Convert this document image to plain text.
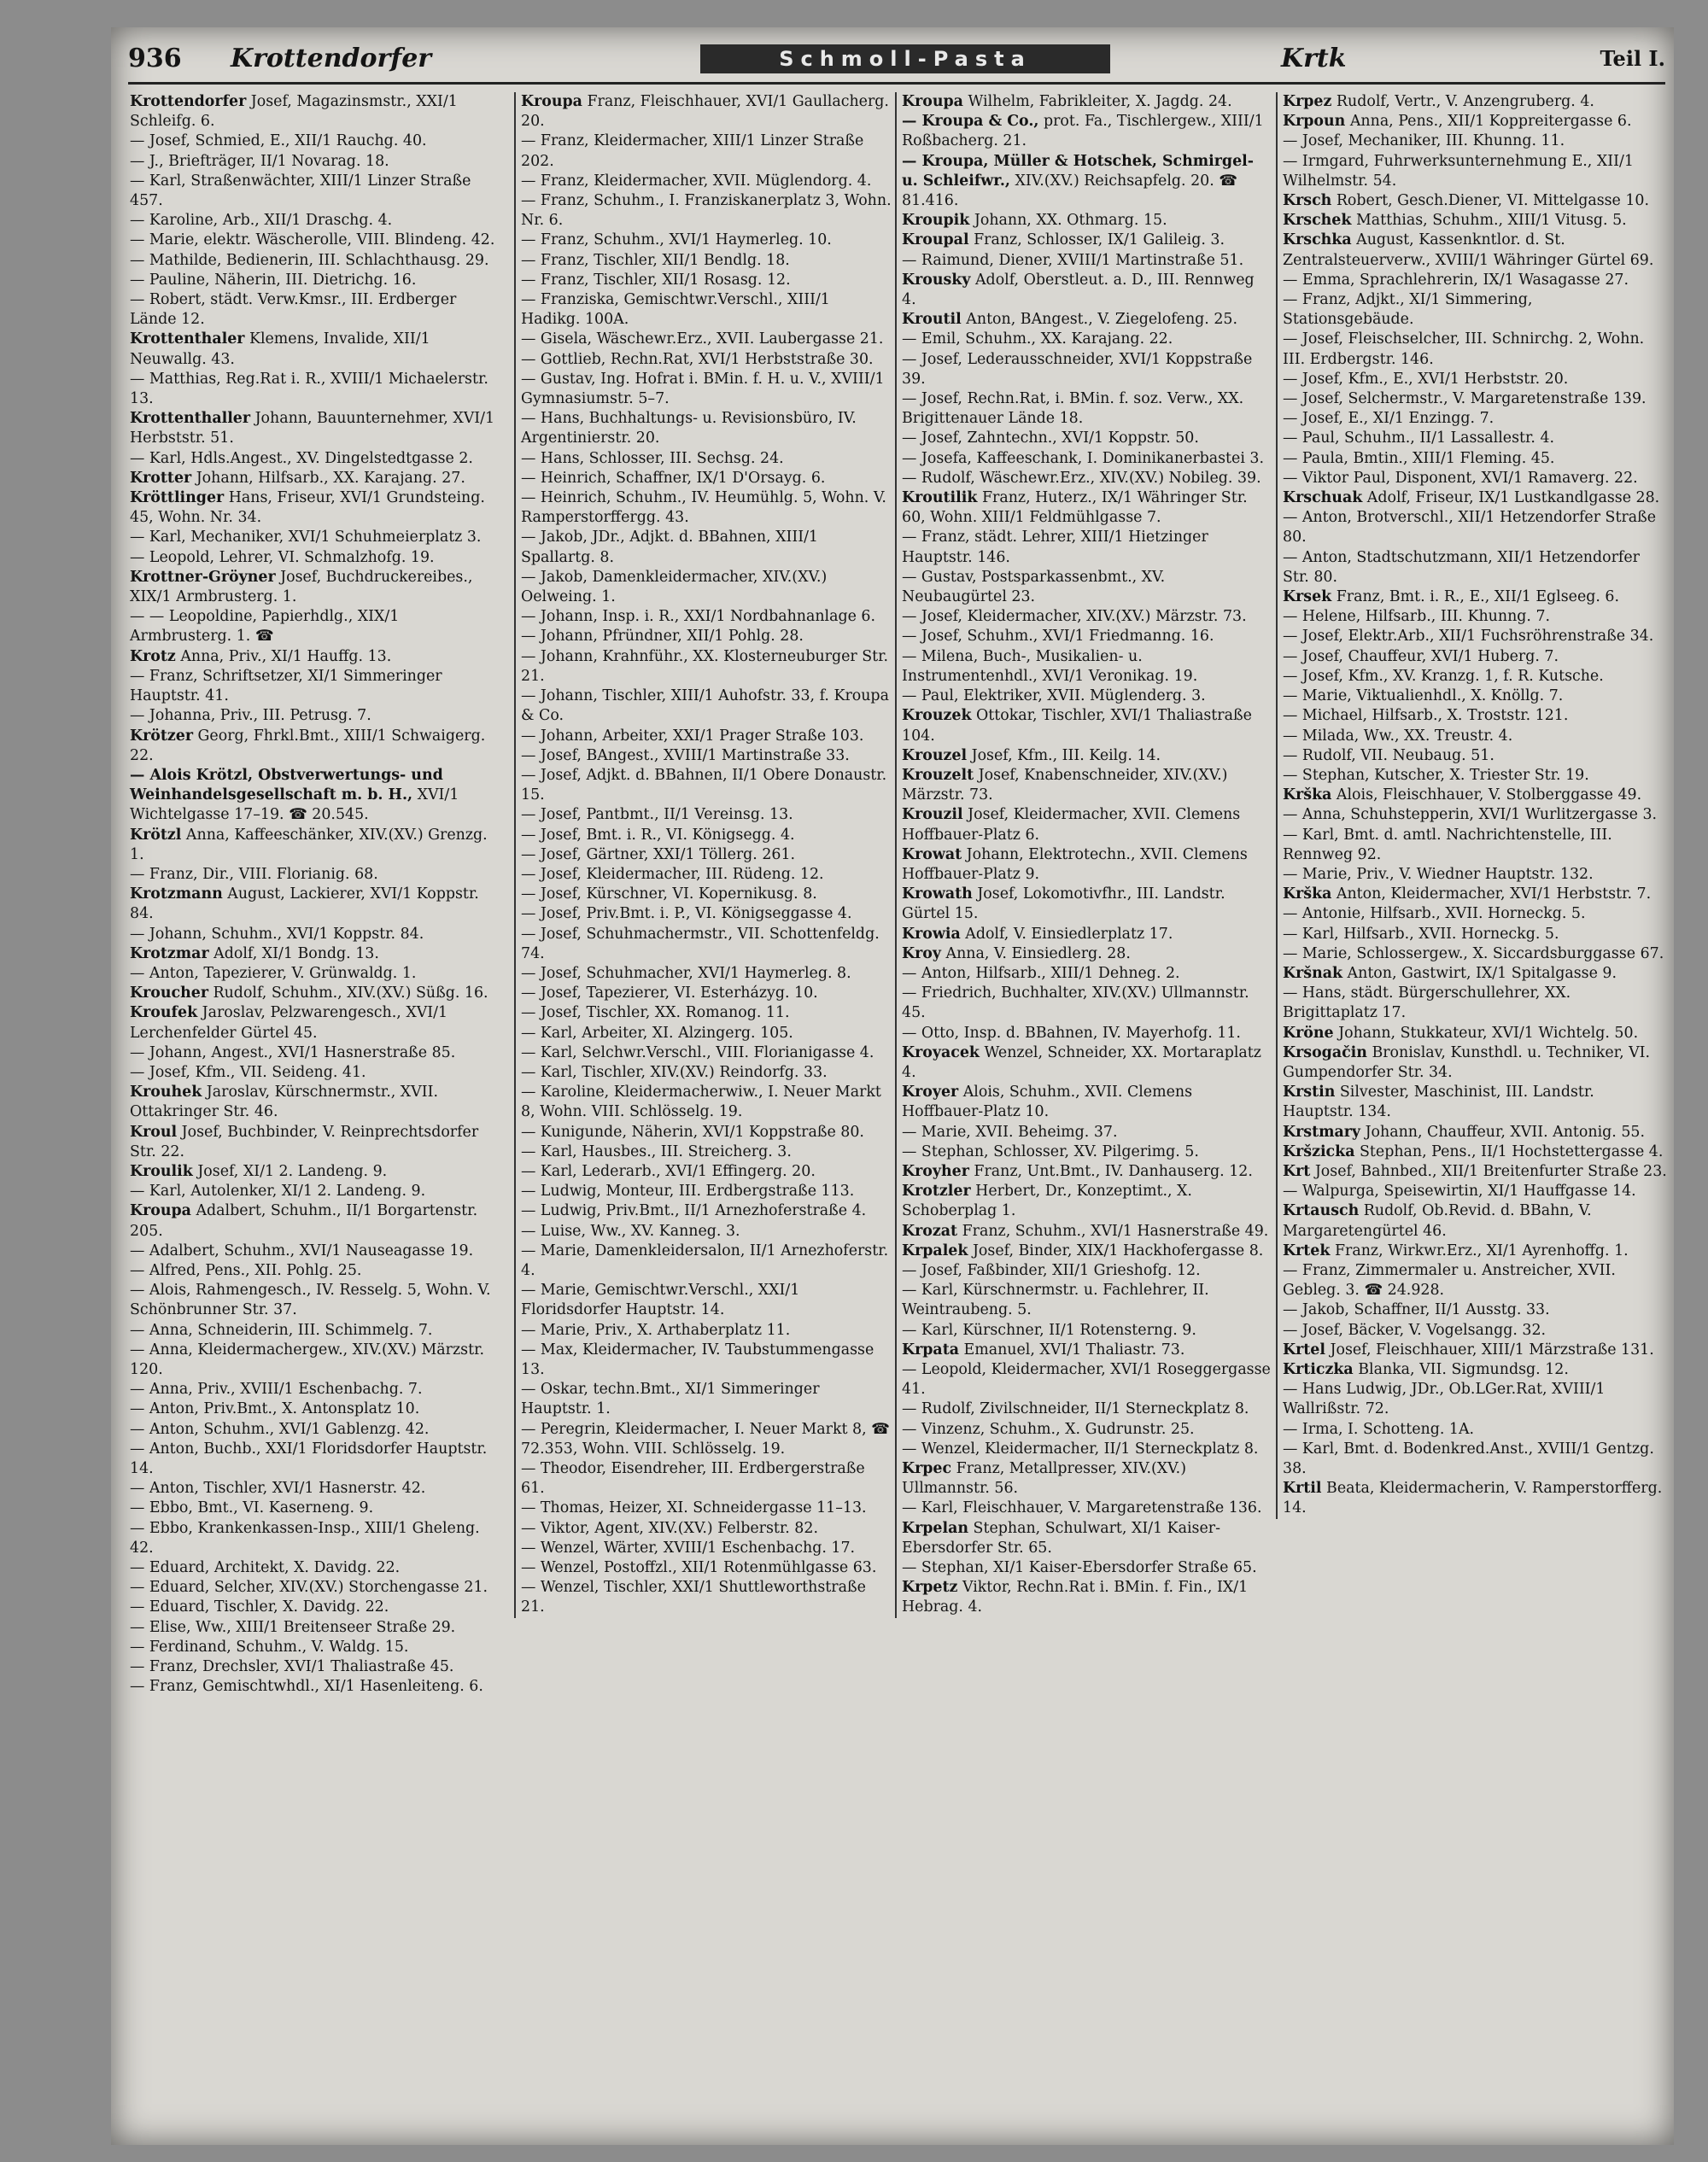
936 Krottendorfer	Schmoll-Pasta	Krtk	Teil I.

Krottendorfer Josef, Magazinsmstr., XXI/1 Schleifg. 6.

— Josef, Schmied, E., XII/1 Rauchg. 40.

— J., Briefträger, II/1 Novarag. 18.

— Karl, Straßenwächter, XIII/1 Linzer Straße 457.

— Karoline, Arb., XII/1 Draschg. 4.

— Marie, elektr. Wäscherolle, VIII. Blindeng. 42.

— Mathilde, Bedienerin, III. Schlachthausg. 29.

— Pauline, Näherin, III. Dietrichg. 16.

— Robert, städt. Verw.Kmsr., III. Erdberger Lände 12.

Krottenthaler Klemens, Invalide, XII/1 Neuwallg. 43.

— Matthias, Reg.Rat i. R., XVIII/1 Michaelerstr. 13.

Krottenthaller Johann, Bauunternehmer, XVI/1 Herbststr. 51.

— Karl, Hdls.Angest., XV. Dingelstedtgasse 2.

Krotter Johann, Hilfsarb., XX. Karajang. 27.

Kröttlinger Hans, Friseur, XVI/1 Grundsteing. 45, Wohn. Nr. 34.

— Karl, Mechaniker, XVI/1 Schuhmeierplatz 3.

— Leopold, Lehrer, VI. Schmalzhofg. 19.

Krottner-Gröyner Josef, Buchdruckereibes., XIX/1 Armbrusterg. 1.

— — Leopoldine, Papierhdlg., XIX/1 Armbrusterg. 1. ☎

Krotz Anna, Priv., XI/1 Hauffg. 13.

— Franz, Schriftsetzer, XI/1 Simmeringer Hauptstr. 41.

— Johanna, Priv., III. Petrusg. 7.

Krötzer Georg, Fhrkl.Bmt., XIII/1 Schwaigerg. 22.

— Alois Krötzl, Obstverwertungs- und Weinhandelsgesellschaft m. b. H., XVI/1 Wichtelgasse 17–19. ☎ 20.545.

Krötzl Anna, Kaffeeschänker, XIV.(XV.) Grenzg. 1.

— Franz, Dir., VIII. Florianig. 68.

Krotzmann August, Lackierer, XVI/1 Koppstr. 84.

— Johann, Schuhm., XVI/1 Koppstr. 84.

Krotzmar Adolf, XI/1 Bondg. 13.

— Anton, Tapezierer, V. Grünwaldg. 1.

Kroucher Rudolf, Schuhm., XIV.(XV.) Süßg. 16.

Kroufek Jaroslav, Pelzwarengesch., XVI/1 Lerchenfelder Gürtel 45.

— Johann, Angest., XVI/1 Hasnerstraße 85.

— Josef, Kfm., VII. Seideng. 41.

Krouhek Jaroslav, Kürschnermstr., XVII. Ottakringer Str. 46.

Kroul Josef, Buchbinder, V. Reinprechtsdorfer Str. 22.

Kroulik Josef, XI/1 2. Landeng. 9.

— Karl, Autolenker, XI/1 2. Landeng. 9.

Kroupa Adalbert, Schuhm., II/1 Borgartenstr. 205.

— Adalbert, Schuhm., XVI/1 Nauseagasse 19.

— Alfred, Pens., XII. Pohlg. 25.

— Alois, Rahmengesch., IV. Resselg. 5, Wohn. V. Schönbrunner Str. 37.

— Anna, Schneiderin, III. Schimmelg. 7.

— Anna, Kleidermachergew., XIV.(XV.) Märzstr. 120.

— Anna, Priv., XVIII/1 Eschenbachg. 7.

— Anton, Priv.Bmt., X. Antonsplatz 10.

— Anton, Schuhm., XVI/1 Gablenzg. 42.

— Anton, Buchb., XXI/1 Floridsdorfer Hauptstr. 14.

— Anton, Tischler, XVI/1 Hasnerstr. 42.

— Ebbo, Bmt., VI. Kaserneng. 9.

— Ebbo, Krankenkassen-Insp., XIII/1 Gheleng. 42.

— Eduard, Architekt, X. Davidg. 22.

— Eduard, Selcher, XIV.(XV.) Storchengasse 21.

— Eduard, Tischler, X. Davidg. 22.

— Elise, Ww., XIII/1 Breitenseer Straße 29.

— Ferdinand, Schuhm., V. Waldg. 15.

— Franz, Drechsler, XVI/1 Thaliastraße 45.

— Franz, Gemischtwhdl., XI/1 Hasenleiteng. 6.

Kroupa Franz, Fleischhauer, XVI/1 Gaullacherg. 20.

— Franz, Kleidermacher, XIII/1 Linzer Straße 202.

— Franz, Kleidermacher, XVII. Müglendorg. 4.

— Franz, Schuhm., I. Franziskanerplatz 3, Wohn. Nr. 6.

— Franz, Schuhm., XVI/1 Haymerleg. 10.

— Franz, Tischler, XII/1 Bendlg. 18.

— Franz, Tischler, XII/1 Rosasg. 12.

— Franziska, Gemischtwr.Verschl., XIII/1 Hadikg. 100A.

— Gisela, Wäschewr.Erz., XVII. Laubergasse 21.

— Gottlieb, Rechn.Rat, XVI/1 Herbststraße 30.

— Gustav, Ing. Hofrat i. BMin. f. H. u. V., XVIII/1 Gymnasiumstr. 5–7.

— Hans, Buchhaltungs- u. Revisionsbüro, IV. Argentinierstr. 20.

— Hans, Schlosser, III. Sechsg. 24.

— Heinrich, Schaffner, IX/1 D'Orsayg. 6.

— Heinrich, Schuhm., IV. Heumühlg. 5, Wohn. V. Ramperstorffergg. 43.

— Jakob, JDr., Adjkt. d. BBahnen, XIII/1 Spallartg. 8.

— Jakob, Damenkleidermacher, XIV.(XV.) Oelweing. 1.

— Johann, Insp. i. R., XXI/1 Nordbahnanlage 6.

— Johann, Pfründner, XII/1 Pohlg. 28.

— Johann, Krahnführ., XX. Klosterneuburger Str. 21.

— Johann, Tischler, XIII/1 Auhofstr. 33, f. Kroupa & Co.

— Johann, Arbeiter, XXI/1 Prager Straße 103.

— Josef, BAngest., XVIII/1 Martinstraße 33.

— Josef, Adjkt. d. BBahnen, II/1 Obere Donaustr. 15.

— Josef, Pantbmt., II/1 Vereinsg. 13.

— Josef, Bmt. i. R., VI. Königsegg. 4.

— Josef, Gärtner, XXI/1 Töllerg. 261.

— Josef, Kleidermacher, III. Rüdeng. 12.

— Josef, Kürschner, VI. Kopernikusg. 8.

— Josef, Priv.Bmt. i. P., VI. Königseggasse 4.

— Josef, Schuhmachermstr., VII. Schottenfeldg. 74.

— Josef, Schuhmacher, XVI/1 Haymerleg. 8.

— Josef, Tapezierer, VI. Esterházyg. 10.

— Josef, Tischler, XX. Romanog. 11.

— Karl, Arbeiter, XI. Alzingerg. 105.

— Karl, Selchwr.Verschl., VIII. Florianigasse 4.

— Karl, Tischler, XIV.(XV.) Reindorfg. 33.

— Karoline, Kleidermacherwiw., I. Neuer Markt 8, Wohn. VIII. Schlösselg. 19.

— Kunigunde, Näherin, XVI/1 Koppstraße 80.

— Karl, Hausbes., III. Streicherg. 3.

— Karl, Lederarb., XVI/1 Effingerg. 20.

— Ludwig, Monteur, III. Erdbergstraße 113.

— Ludwig, Priv.Bmt., II/1 Arnezhoferstraße 4.

— Luise, Ww., XV. Kanneg. 3.

— Marie, Damenkleidersalon, II/1 Arnezhoferstr. 4.

— Marie, Gemischtwr.Verschl., XXI/1 Floridsdorfer Hauptstr. 14.

— Marie, Priv., X. Arthaberplatz 11.

— Max, Kleidermacher, IV. Taubstummengasse 13.

— Oskar, techn.Bmt., XI/1 Simmeringer Hauptstr. 1.

— Peregrin, Kleidermacher, I. Neuer Markt 8, ☎ 72.353, Wohn. VIII. Schlösselg. 19.

— Theodor, Eisendreher, III. Erdbergerstraße 61.

— Thomas, Heizer, XI. Schneidergasse 11–13.

— Viktor, Agent, XIV.(XV.) Felberstr. 82.

— Wenzel, Wärter, XVIII/1 Eschenbachg. 17.

— Wenzel, Postoffzl., XII/1 Rotenmühlgasse 63.

— Wenzel, Tischler, XXI/1 Shuttleworthstraße 21.

Kroupa Wilhelm, Fabrikleiter, X. Jagdg. 24.

— Kroupa & Co., prot. Fa., Tischlergew., XIII/1 Roßbacherg. 21.

— Kroupa, Müller & Hotschek, Schmirgel- u. Schleifwr., XIV.(XV.) Reichsapfelg. 20. ☎ 81.416.

Kroupik Johann, XX. Othmarg. 15.

Kroupal Franz, Schlosser, IX/1 Galileig. 3.

— Raimund, Diener, XVIII/1 Martinstraße 51.

Krousky Adolf, Oberstleut. a. D., III. Rennweg 4.

Kroutil Anton, BAngest., V. Ziegelofeng. 25.

— Emil, Schuhm., XX. Karajang. 22.

— Josef, Lederausschneider, XVI/1 Koppstraße 39.

— Josef, Rechn.Rat, i. BMin. f. soz. Verw., XX. Brigittenauer Lände 18.

— Josef, Zahntechn., XVI/1 Koppstr. 50.

— Josefa, Kaffeeschank, I. Dominikanerbastei 3.

— Rudolf, Wäschewr.Erz., XIV.(XV.) Nobileg. 39.

Kroutilik Franz, Huterz., IX/1 Währinger Str. 60, Wohn. XIII/1 Feldmühlgasse 7.

— Franz, städt. Lehrer, XIII/1 Hietzinger Hauptstr. 146.

— Gustav, Postsparkassenbmt., XV. Neubaugürtel 23.

— Josef, Kleidermacher, XIV.(XV.) Märzstr. 73.

— Josef, Schuhm., XVI/1 Friedmanng. 16.

— Milena, Buch-, Musikalien- u. Instrumentenhdl., XVI/1 Veronikag. 19.

— Paul, Elektriker, XVII. Müglenderg. 3.

Krouzek Ottokar, Tischler, XVI/1 Thaliastraße 104.

Krouzel Josef, Kfm., III. Keilg. 14.

Krouzelt Josef, Knabenschneider, XIV.(XV.) Märzstr. 73.

Krouzil Josef, Kleidermacher, XVII. Clemens Hoffbauer-Platz 6.

Krowat Johann, Elektrotechn., XVII. Clemens Hoffbauer-Platz 9.

Krowath Josef, Lokomotivfhr., III. Landstr. Gürtel 15.

Krowia Adolf, V. Einsiedlerplatz 17.

Kroy Anna, V. Einsiedlerg. 28.

— Anton, Hilfsarb., XIII/1 Dehneg. 2.

— Friedrich, Buchhalter, XIV.(XV.) Ullmannstr. 45.

— Otto, Insp. d. BBahnen, IV. Mayerhofg. 11.

Kroyacek Wenzel, Schneider, XX. Mortaraplatz 4.

Kroyer Alois, Schuhm., XVII. Clemens Hoffbauer-Platz 10.

— Marie, XVII. Beheimg. 37.

— Stephan, Schlosser, XV. Pilgerimg. 5.

Kroyher Franz, Unt.Bmt., IV. Danhauserg. 12.

Krotzler Herbert, Dr., Konzeptimt., X. Schoberplag 1.

Krozat Franz, Schuhm., XVI/1 Hasnerstraße 49.

Krpalek Josef, Binder, XIX/1 Hackhofergasse 8.

— Josef, Faßbinder, XII/1 Grieshofg. 12.

— Karl, Kürschnermstr. u. Fachlehrer, II. Weintraubeng. 5.

— Karl, Kürschner, II/1 Rotensterng. 9.

Krpata Emanuel, XVI/1 Thaliastr. 73.

— Leopold, Kleidermacher, XVI/1 Roseggergasse 41.

— Rudolf, Zivilschneider, II/1 Sterneckplatz 8.

— Vinzenz, Schuhm., X. Gudrunstr. 25.

— Wenzel, Kleidermacher, II/1 Sterneckplatz 8.

Krpec Franz, Metallpresser, XIV.(XV.) Ullmannstr. 56.

— Karl, Fleischhauer, V. Margaretenstraße 136.

Krpelan Stephan, Schulwart, XI/1 Kaiser-Ebersdorfer Str. 65.

— Stephan, XI/1 Kaiser-Ebersdorfer Straße 65.

Krpetz Viktor, Rechn.Rat i. BMin. f. Fin., IX/1 Hebrag. 4.

Krpez Rudolf, Vertr., V. Anzengruberg. 4.

Krpoun Anna, Pens., XII/1 Koppreitergasse 6.

— Josef, Mechaniker, III. Khunng. 11.

— Irmgard, Fuhrwerksunternehmung E., XII/1 Wilhelmstr. 54.

Krsch Robert, Gesch.Diener, VI. Mittelgasse 10.

Krschek Matthias, Schuhm., XIII/1 Vitusg. 5.

Krschka August, Kassenkntlor. d. St. Zentralsteuerverw., XVIII/1 Währinger Gürtel 69.

— Emma, Sprachlehrerin, IX/1 Wasagasse 27.

— Franz, Adjkt., XI/1 Simmering, Stationsgebäude.

— Josef, Fleischselcher, III. Schnirchg. 2, Wohn. III. Erdbergstr. 146.

— Josef, Kfm., E., XVI/1 Herbststr. 20.

— Josef, Selchermstr., V. Margaretenstraße 139.

— Josef, E., XI/1 Enzingg. 7.

— Paul, Schuhm., II/1 Lassallestr. 4.

— Paula, Bmtin., XIII/1 Fleming. 45.

— Viktor Paul, Disponent, XVI/1 Ramaverg. 22.

Krschuak Adolf, Friseur, IX/1 Lustkandlgasse 28.

— Anton, Brotverschl., XII/1 Hetzendorfer Straße 80.

— Anton, Stadtschutzmann, XII/1 Hetzendorfer Str. 80.

Krsek Franz, Bmt. i. R., E., XII/1 Eglseeg. 6.

— Helene, Hilfsarb., III. Khunng. 7.

— Josef, Elektr.Arb., XII/1 Fuchsröhrenstraße 34.

— Josef, Chauffeur, XVI/1 Huberg. 7.

— Josef, Kfm., XV. Kranzg. 1, f. R. Kutsche.

— Marie, Viktualienhdl., X. Knöllg. 7.

— Michael, Hilfsarb., X. Troststr. 121.

— Milada, Ww., XX. Treustr. 4.

— Rudolf, VII. Neubaug. 51.

— Stephan, Kutscher, X. Triester Str. 19.

Krška Alois, Fleischhauer, V. Stolberggasse 49.

— Anna, Schuhstepperin, XVI/1 Wurlitzergasse 3.

— Karl, Bmt. d. amtl. Nachrichtenstelle, III. Rennweg 92.

— Marie, Priv., V. Wiedner Hauptstr. 132.

Krška Anton, Kleidermacher, XVI/1 Herbststr. 7.

— Antonie, Hilfsarb., XVII. Horneckg. 5.

— Karl, Hilfsarb., XVII. Horneckg. 5.

— Marie, Schlossergew., X. Siccardsburggasse 67.

Kršnak Anton, Gastwirt, IX/1 Spitalgasse 9.

— Hans, städt. Bürgerschullehrer, XX. Brigittaplatz 17.

Kröne Johann, Stukkateur, XVI/1 Wichtelg. 50.

Krsogačin Bronislav, Kunsthdl. u. Techniker, VI. Gumpendorfer Str. 34.

Krstin Silvester, Maschinist, III. Landstr. Hauptstr. 134.

Krstmary Johann, Chauffeur, XVII. Antonig. 55.

Kršzicka Stephan, Pens., II/1 Hochstettergasse 4.

Krt Josef, Bahnbed., XII/1 Breitenfurter Straße 23.

— Walpurga, Speisewirtin, XI/1 Hauffgasse 14.

Krtausch Rudolf, Ob.Revid. d. BBahn, V. Margaretengürtel 46.

Krtek Franz, Wirkwr.Erz., XI/1 Ayrenhoffg. 1.

— Franz, Zimmermaler u. Anstreicher, XVII. Gebleg. 3. ☎ 24.928.

— Jakob, Schaffner, II/1 Ausstg. 33.

— Josef, Bäcker, V. Vogelsangg. 32.

Krtel Josef, Fleischhauer, XIII/1 Märzstraße 131.

Krticzka Blanka, VII. Sigmundsg. 12.

— Hans Ludwig, JDr., Ob.LGer.Rat, XVIII/1 Wallrißstr. 72.

— Irma, I. Schotteng. 1A.

— Karl, Bmt. d. Bodenkred.Anst., XVIII/1 Gentzg. 38.

Krtil Beata, Kleidermacherin, V. Ramperstorfferg. 14.
